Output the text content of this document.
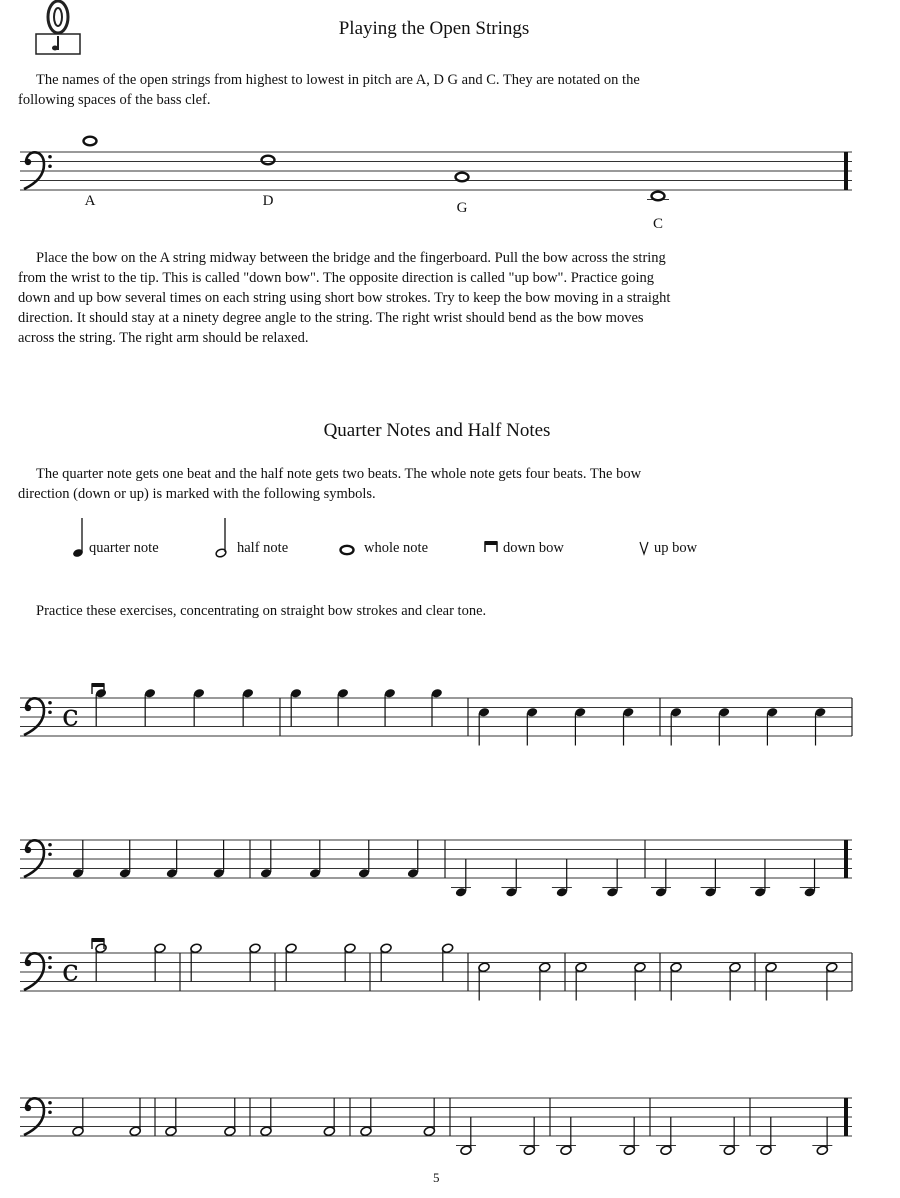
Playing the Open Strings
The names of the open strings from highest to lowest in pitch are A, D G and C. They are notated on the
following spaces of the bass clef.
A	D	G
C
Place the bow on the A string midway between the bridge and the fingerboard. Pull the bow across the string
from the wrist to the tip. This is called "down bow". The opposite direction is called "up bow". Practice going
down and up bow several times on each string using short bow strokes. Try to keep the bow moving in a straight
direction. It should stay at a ninety degree angle to the string. The right wrist should bend as the bow moves
across the string. The right arm should be relaxed.
Quarter Notes and Half Notes
The quarter note gets one beat and the half note gets two beats. The whole note gets four beats. The bow
direction (down or up) is marked with the following symbols.
quarter note	half note	whole note	down bow	up bow
Practice these exercises, concentrating on straight bow strokes and clear tone.
c
c
5
